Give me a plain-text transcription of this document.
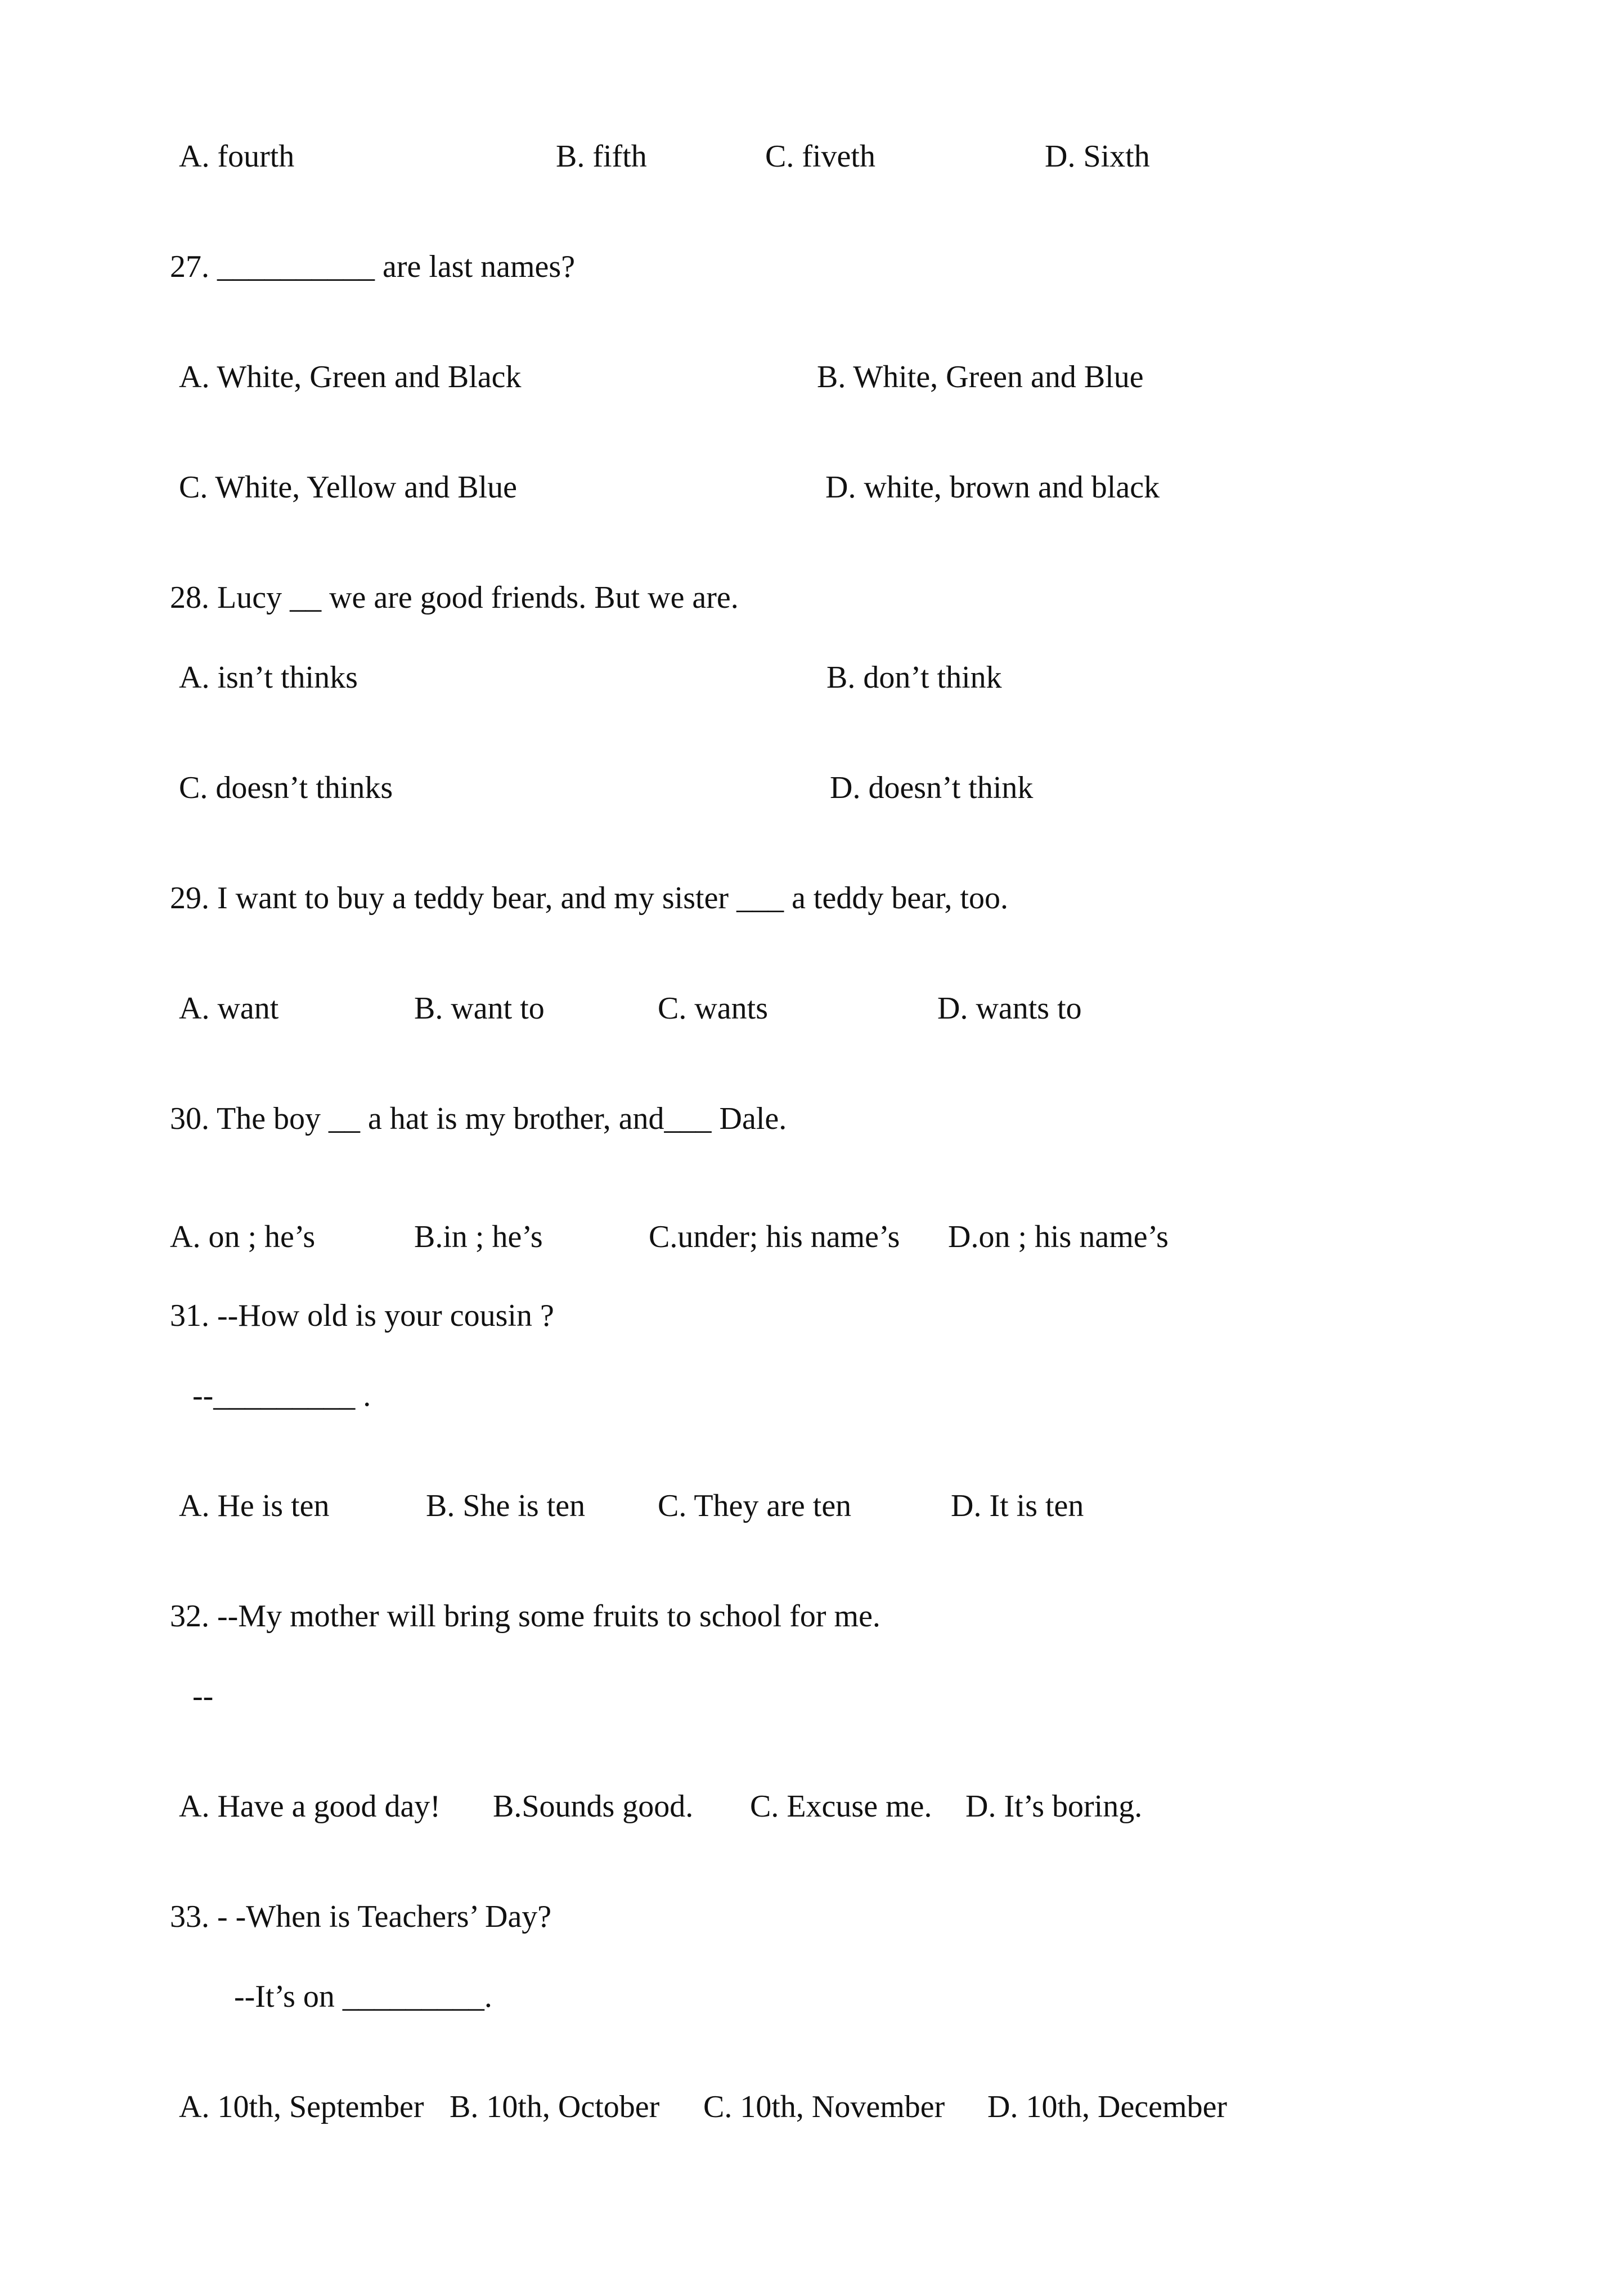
A. fourth	B. fifth	C. fiveth	D. Sixth
27. __________ are last names?
A. White, Green and Black	B. White, Green and Blue
C. White, Yellow and Blue	D. white, brown and black
28. Lucy __ we are good friends. But we are.
A. isn’t thinks	B. don’t think
C. doesn’t thinks	D. doesn’t think
29. I want to buy a teddy bear, and my sister ___ a teddy bear, too.
A. want	B. want to	C. wants	D. wants to
30. The boy __ a hat is my brother, and___ Dale.
A. on ; he’s	B.in ; he’s	C.under; his name’s D.on ; his name’s
31. --How old is your cousin ?
--_________ .
A. He is ten	B. She is ten C. They are ten	D. It is ten
32. --My mother will bring some fruits to school for me.
--
A. Have a good day! B.Sounds good. C. Excuse me. D. It’s boring.
33. - -When is Teachers’ Day?
--It’s on _________.
A. 10th, September B. 10th, October C. 10th, November D. 10th, December
